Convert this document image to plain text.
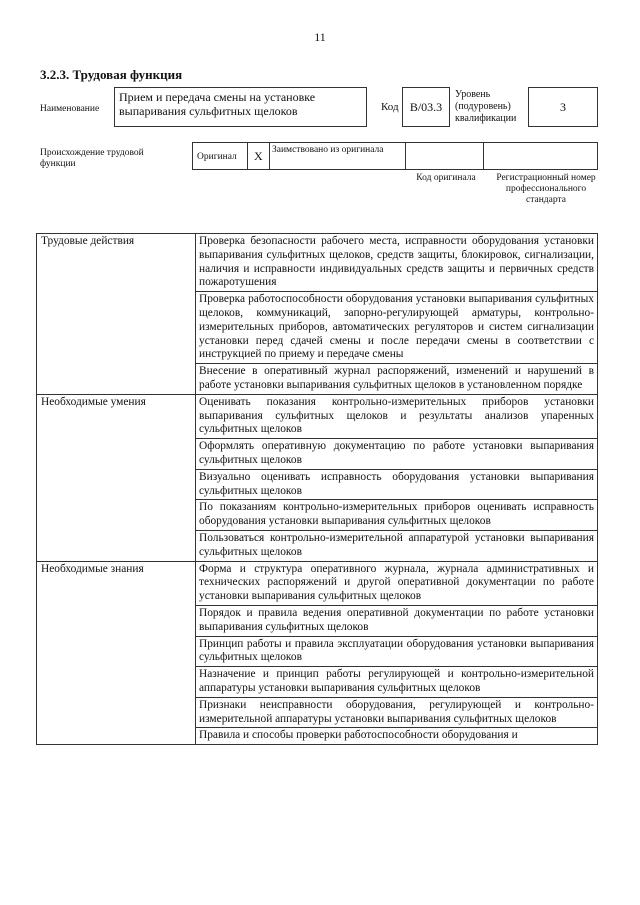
11
3.2.3. Трудовая функция
Наименование
Прием и передача смены на установке выпаривания сульфитных щелоков	Код B/03.3
Уровень (подуровень) квалификации
3
Происхождение трудовой функции
Оригинал X Заимствовано из оригинала
Код оригинала	Регистрационный номер профессионального стандарта
Трудовые действия	Проверка безопасности рабочего места, исправности оборудования установки выпаривания сульфитных щелоков, средств защиты, блокировок, сигнализации, наличия и исправности индивидуальных средств защиты и первичных средств пожаротушения
	Проверка работоспособности оборудования установки выпаривания сульфитных щелоков, коммуникаций, запорно-регулирующей арматуры, контрольно-измерительных приборов, автоматических регуляторов и систем сигнализации установки перед сдачей смены и после передачи смены в соответствии с инструкцией по приему и передаче смены
	Внесение в оперативный журнал распоряжений, изменений и нарушений в работе установки выпаривания сульфитных щелоков в установленном порядке
Необходимые умения	Оценивать показания контрольно-измерительных приборов установки выпаривания сульфитных щелоков и результаты анализов упаренных сульфитных щелоков
	Оформлять оперативную документацию по работе установки выпаривания сульфитных щелоков
	Визуально оценивать исправность оборудования установки выпаривания сульфитных щелоков
	По показаниям контрольно-измерительных приборов оценивать исправность оборудования установки выпаривания сульфитных щелоков
	Пользоваться контрольно-измерительной аппаратурой установки выпаривания сульфитных щелоков
Необходимые знания	Форма и структура оперативного журнала, журнала административных и технических распоряжений и другой оперативной документации по работе установки выпаривания сульфитных щелоков
	Порядок и правила ведения оперативной документации по работе установки выпаривания сульфитных щелоков
	Принцип работы и правила эксплуатации оборудования установки выпаривания сульфитных щелоков
	Назначение и принцип работы регулирующей и контрольно-измерительной аппаратуры установки выпаривания сульфитных щелоков
	Признаки неисправности оборудования, регулирующей и контрольно-измерительной аппаратуры установки выпаривания сульфитных щелоков
	Правила и способы проверки работоспособности оборудования и
